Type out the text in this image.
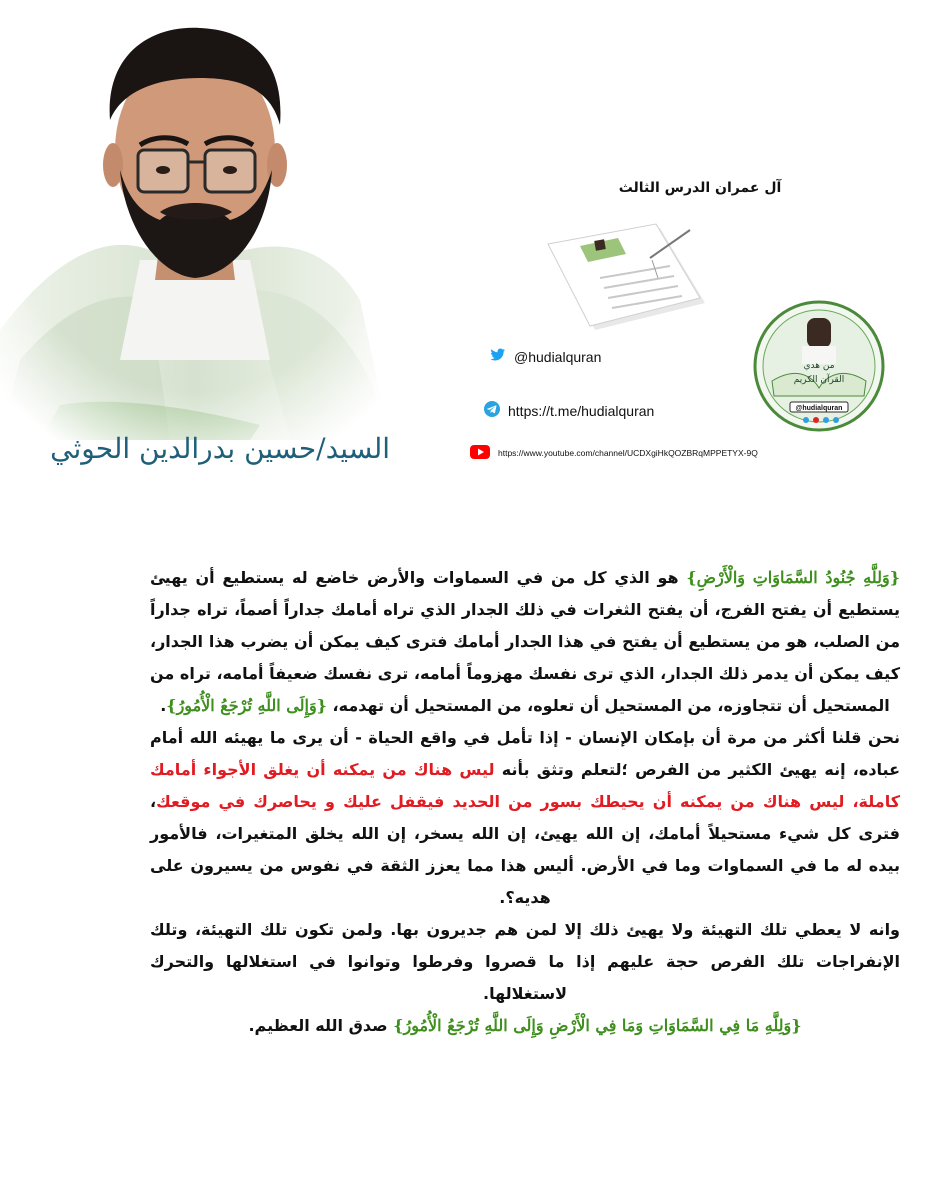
السيد/حسين بدرالدين الحوثي
آل عمران الدرس الثالث
من هدي
القرآن الكريم
@hudialquran
@hudialquran
https://t.me/hudialquran
https://www.youtube.com/channel/UCDXgiHkQOZBRqMPPETYX-9Q

{وَلِلَّهِ جُنُودُ السَّمَاوَاتِ وَالْأَرْضِ} هو الذي كل من في السماوات والأرض خاضع له يستطيع أن يهيئ يستطيع أن يفتح الفرج، أن يفتح الثغرات في ذلك الجدار الذي تراه أمامك جداراً أصماً، تراه جداراً من الصلب، هو من يستطيع أن يفتح في هذا الجدار أمامك فترى كيف يمكن أن يضرب هذا الجدار، كيف يمكن أن يدمر ذلك الجدار، الذي ترى نفسك مهزوماً أمامه، ترى نفسك ضعيفاً أمامه، تراه من المستحيل أن تتجاوزه، من المستحيل أن تعلوه، من المستحيل أن تهدمه، {وَإِلَى اللَّهِ تُرْجَعُ الْأُمُورُ}.

نحن قلنا أكثر من مرة أن بإمكان الإنسان - إذا تأمل في واقع الحياة - أن يرى ما يهيئه الله أمام عباده، إنه يهيئ الكثير من الفرص ؛لتعلم وتثق بأنه ليس هناك من يمكنه أن يغلق الأجواء أمامك كاملة، ليس هناك من يمكنه أن يحيطك بسور من الحديد فيقفل عليك و يحاصرك في موقعك، فترى كل شيء مستحيلاً أمامك، إن الله يهيئ، إن الله يسخر، إن الله يخلق المتغيرات، فالأمور بيده له ما في السماوات وما في الأرض. أليس هذا مما يعزز الثقة في نفوس من يسيرون على هديه؟.

وانه لا يعطي تلك التهيئة ولا يهيئ ذلك إلا لمن هم جديرون بها. ولمن تكون تلك التهيئة، وتلك الإنفراجات تلك الفرص حجة عليهم إذا ما قصروا وفرطوا وتوانوا في استغلالها والتحرك لاستغلالها.

{وَلِلَّهِ مَا فِي السَّمَاوَاتِ وَمَا فِي الْأَرْضِ وَإِلَى اللَّهِ تُرْجَعُ الْأُمُورُ} صدق الله العظيم.
